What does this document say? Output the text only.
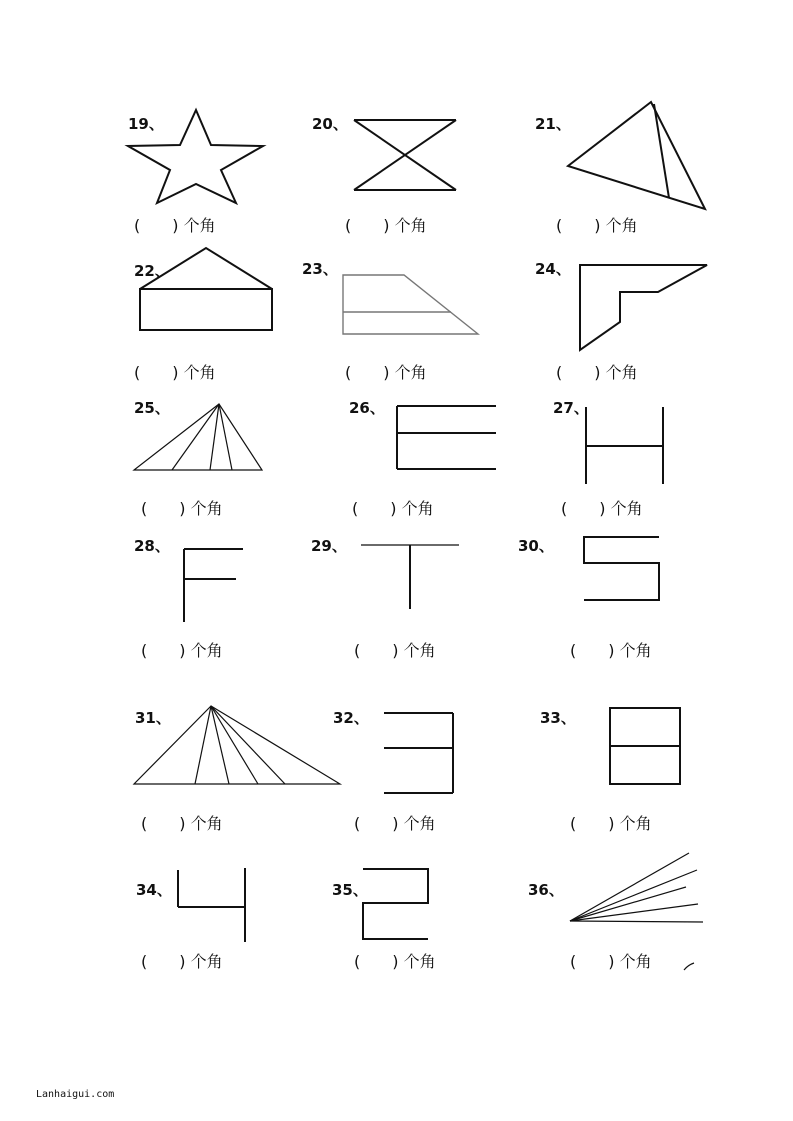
19、	20、	21、
22、	23、	24、
25、	26、	27、
28、	29、	30、
31、	32、	33、
34、	35、	36、
( ) 个角	( ) 个角	( ) 个角
( ) 个角	( ) 个角	( ) 个角
( ) 个角	( ) 个角	( ) 个角
( ) 个角	( ) 个角	( ) 个角
( ) 个角	( ) 个角	( ) 个角
( ) 个角	( ) 个角	( ) 个角
Lanhaigui.com
